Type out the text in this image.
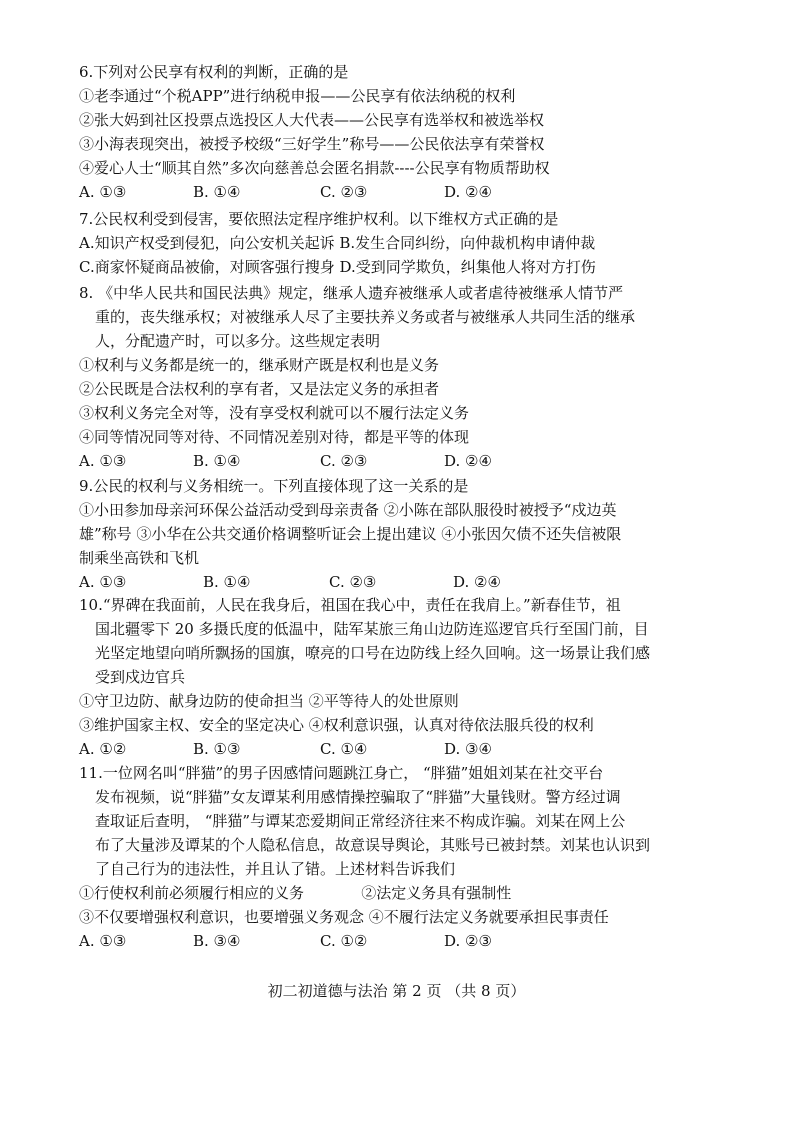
6.下列对公民享有权利的判断，正确的是
①老李通过“个税APP”进行纳税申报——公民享有依法纳税的权利
②张大妈到社区投票点选投区人大代表——公民享有选举权和被选举权
③小海表现突出，被授予校级“三好学生”称号——公民依法享有荣誉权
④爱心人士“顺其自然”多次向慈善总会匿名捐款----公民享有物质帮助权
A. ①③	B. ①④	C. ②③	D. ②④
7.公民权利受到侵害，要依照法定程序维护权利。以下维权方式正确的是
A.知识产权受到侵犯，向公安机关起诉 B.发生合同纠纷，向仲裁机构申请仲裁
C.商家怀疑商品被偷，对顾客强行搜身 D.受到同学欺负，纠集他人将对方打伤
8. 《中华人民共和国民法典》规定，继承人遗弃被继承人或者虐待被继承人情节严
重的，丧失继承权；对被继承人尽了主要扶养义务或者与被继承人共同生活的继承
人，分配遗产时，可以多分。这些规定表明
①权利与义务都是统一的，继承财产既是权利也是义务
②公民既是合法权利的享有者，又是法定义务的承担者
③权利义务完全对等，没有享受权利就可以不履行法定义务
④同等情况同等对待、不同情况差别对待，都是平等的体现
A. ①③	B. ①④	C. ②③	D. ②④
9.公民的权利与义务相统一。下列直接体现了这一关系的是
①小田参加母亲河环保公益活动受到母亲责备 ②小陈在部队服役时被授予“戍边英
雄”称号 ③小华在公共交通价格调整听证会上提出建议 ④小张因欠债不还失信被限
制乘坐高铁和飞机
A. ①③	B. ①④	C. ②③	D. ②④
10.“界碑在我面前，人民在我身后，祖国在我心中，责任在我肩上。”新春佳节，祖
国北疆零下 20 多摄氏度的低温中，陆军某旅三角山边防连巡逻官兵行至国门前，目
光坚定地望向哨所飘扬的国旗，嘹亮的口号在边防线上经久回响。这一场景让我们感
受到戍边官兵
①守卫边防、献身边防的使命担当 ②平等待人的处世原则
③维护国家主权、安全的坚定决心 ④权利意识强，认真对待依法服兵役的权利
A. ①②	B. ①③	C. ①④	D. ③④
11.一位网名叫“胖猫”的男子因感情问题跳江身亡， “胖猫”姐姐刘某在社交平台
发布视频，说“胖猫”女友谭某利用感情操控骗取了“胖猫”大量钱财。警方经过调
查取证后查明， “胖猫”与谭某恋爱期间正常经济往来不构成诈骗。刘某在网上公
布了大量涉及谭某的个人隐私信息，故意误导舆论，其账号已被封禁。刘某也认识到
了自己行为的违法性，并且认了错。上述材料告诉我们
①行使权利前必须履行相应的义务            ②法定义务具有强制性
③不仅要增强权利意识，也要增强义务观念 ④不履行法定义务就要承担民事责任
A. ①③	B. ③④	C. ①②	D. ②③
初二初道德与法治 第 2 页 （共 8 页）
